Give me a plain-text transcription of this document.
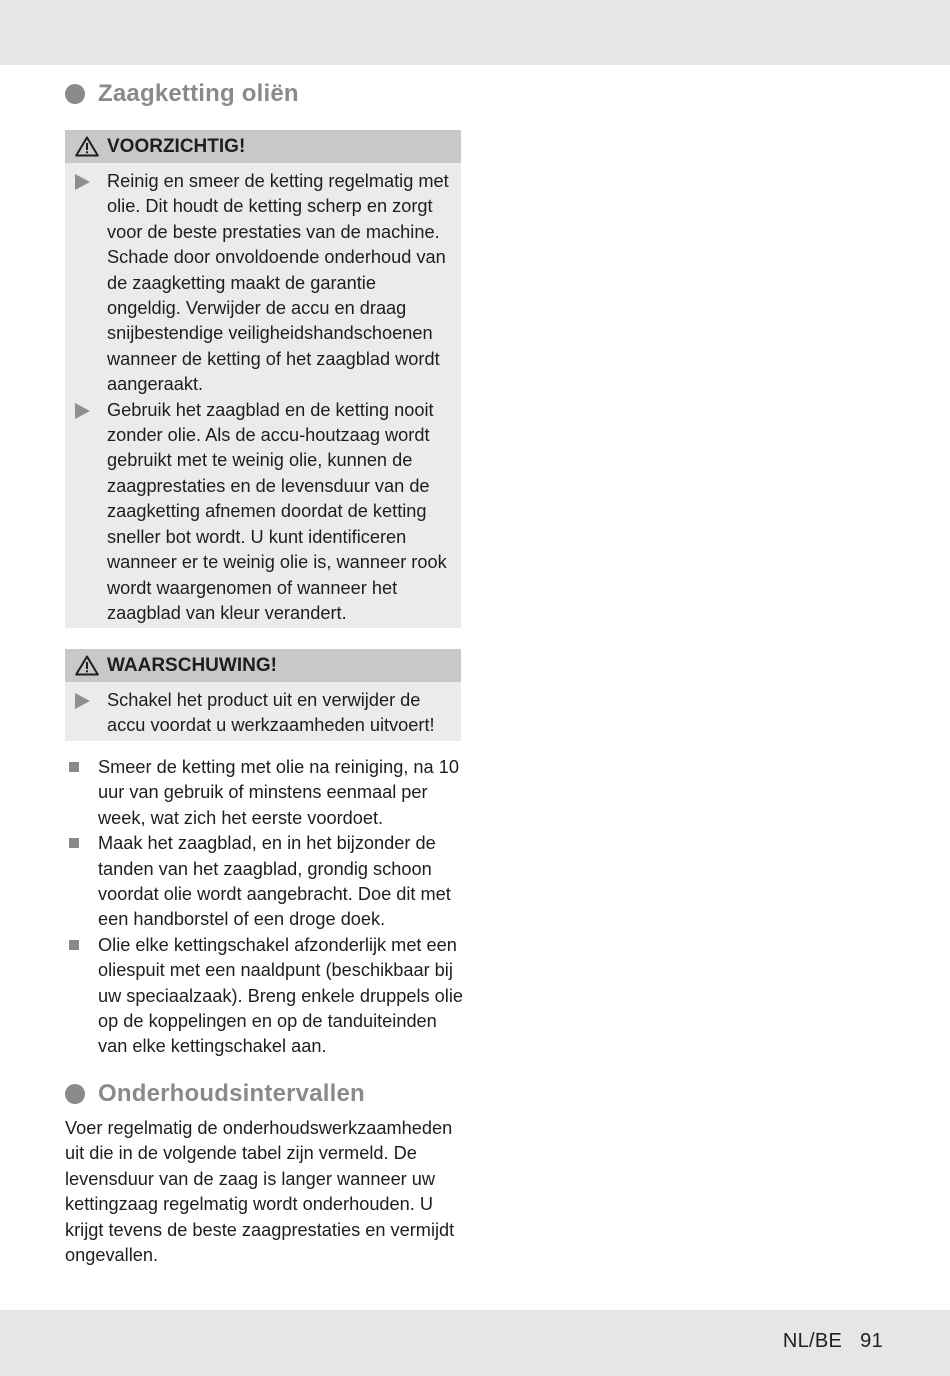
Zaagketting oliën
VOORZICHTIG!
Reinig en smeer de ketting regelmatig met olie. Dit houdt de ketting scherp en zorgt voor de beste prestaties van de machine. Schade door onvoldoende onderhoud van de zaagketting maakt de garantie ongeldig. Verwijder de accu en draag snijbestendige veiligheidshandschoenen wanneer de ketting of het zaagblad wordt aangeraakt.
Gebruik het zaagblad en de ketting nooit zonder olie. Als de accu-houtzaag wordt gebruikt met te weinig olie, kunnen de zaagprestaties en de levensduur van de zaagketting afnemen doordat de ketting sneller bot wordt. U kunt identificeren wanneer er te weinig olie is, wanneer rook wordt waargenomen of wanneer het zaagblad van kleur verandert.
WAARSCHUWING!
Schakel het product uit en verwijder de accu voordat u werkzaamheden uitvoert!
Smeer de ketting met olie na reiniging, na 10 uur van gebruik of minstens eenmaal per week, wat zich het eerste voordoet.
Maak het zaagblad, en in het bijzonder de tanden van het zaagblad, grondig schoon voordat olie wordt aangebracht. Doe dit met een handborstel of een droge doek.
Olie elke kettingschakel afzonderlijk met een oliespuit met een naaldpunt (beschikbaar bij uw speciaalzaak). Breng enkele druppels olie op de koppelingen en op de tanduiteinden van elke kettingschakel aan.
Onderhoudsintervallen
Voer regelmatig de onderhoudswerkzaamheden uit die in de volgende tabel zijn vermeld. De levensduur van de zaag is langer wanneer uw kettingzaag regelmatig wordt onderhouden. U krijgt tevens de beste zaagprestaties en vermijdt ongevallen.
NL/BE 91
